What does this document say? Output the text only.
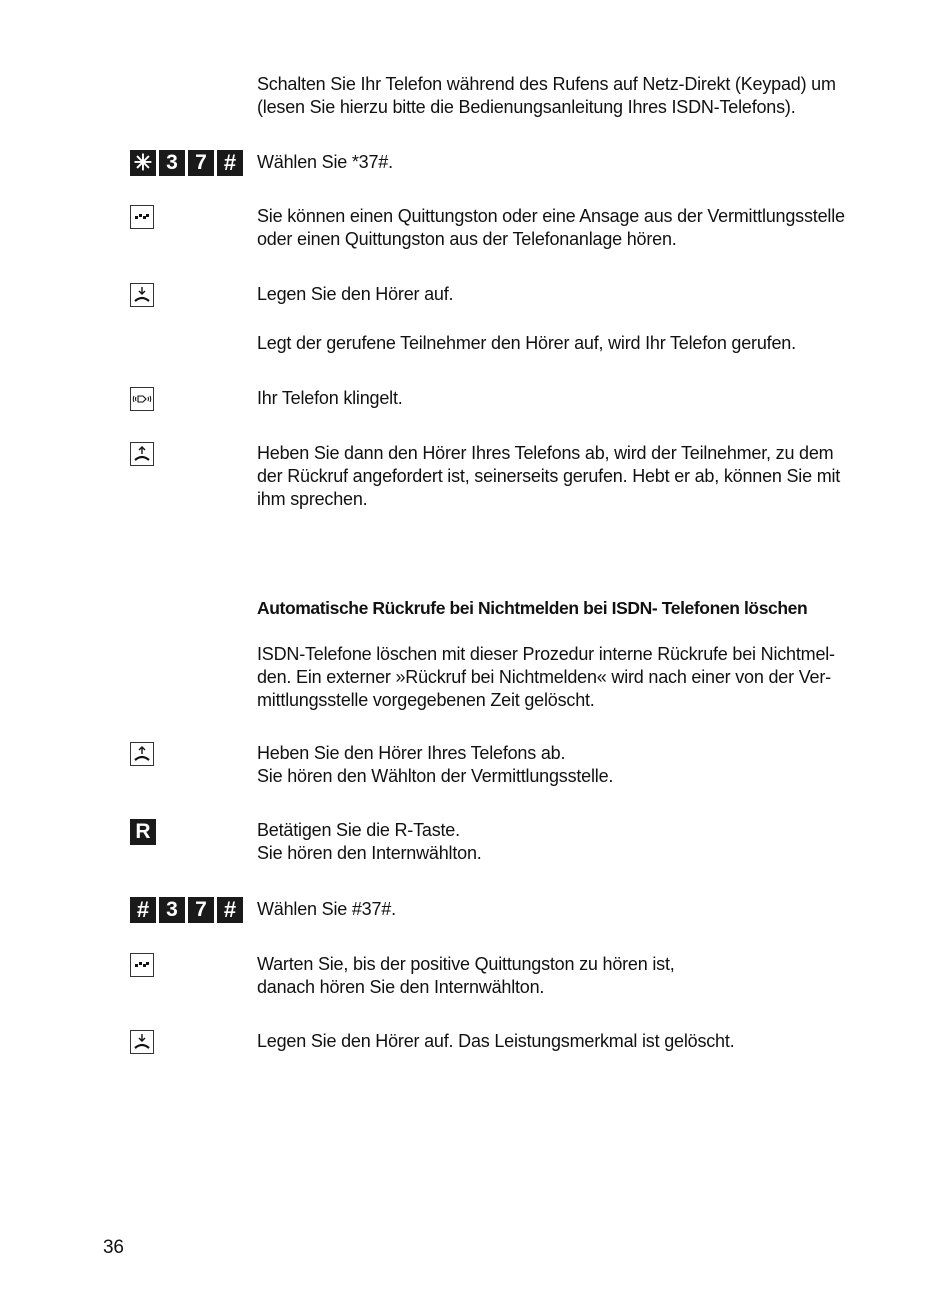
Schalten Sie Ihr Telefon während des Rufens auf Netz-Direkt (Keypad) um

(lesen Sie hierzu bitte die Bedienungsanleitung Ihres ISDN-Telefons).

✳ 3 7 #	Wählen Sie *37#.

Sie können einen Quittungston oder eine Ansage aus der Vermittlungsstelle

oder einen Quittungston aus der Telefonanlage hören.

Legen Sie den Hörer auf.

Legt der gerufene Teilnehmer den Hörer auf, wird Ihr Telefon gerufen.

Ihr Telefon klingelt.

Heben Sie dann den Hörer Ihres Telefons ab, wird der Teilnehmer, zu dem

der Rückruf angefordert ist, seinerseits gerufen. Hebt er ab, können Sie mit

ihm sprechen.

Automatische Rückrufe bei Nichtmelden bei ISDN- Telefonen löschen

ISDN-Telefone löschen mit dieser Prozedur interne Rückrufe bei Nichtmel-

den. Ein externer »Rückruf bei Nichtmelden« wird nach einer von der Ver-

mittlungsstelle vorgegebenen Zeit gelöscht.

Heben Sie den Hörer Ihres Telefons ab.

Sie hören den Wählton der Vermittlungsstelle.

R	Betätigen Sie die R-Taste.

Sie hören den Internwählton.

# 3 7 #	Wählen Sie #37#.

Warten Sie, bis der positive Quittungston zu hören ist,

danach hören Sie den Internwählton.

Legen Sie den Hörer auf. Das Leistungsmerkmal ist gelöscht.

36
